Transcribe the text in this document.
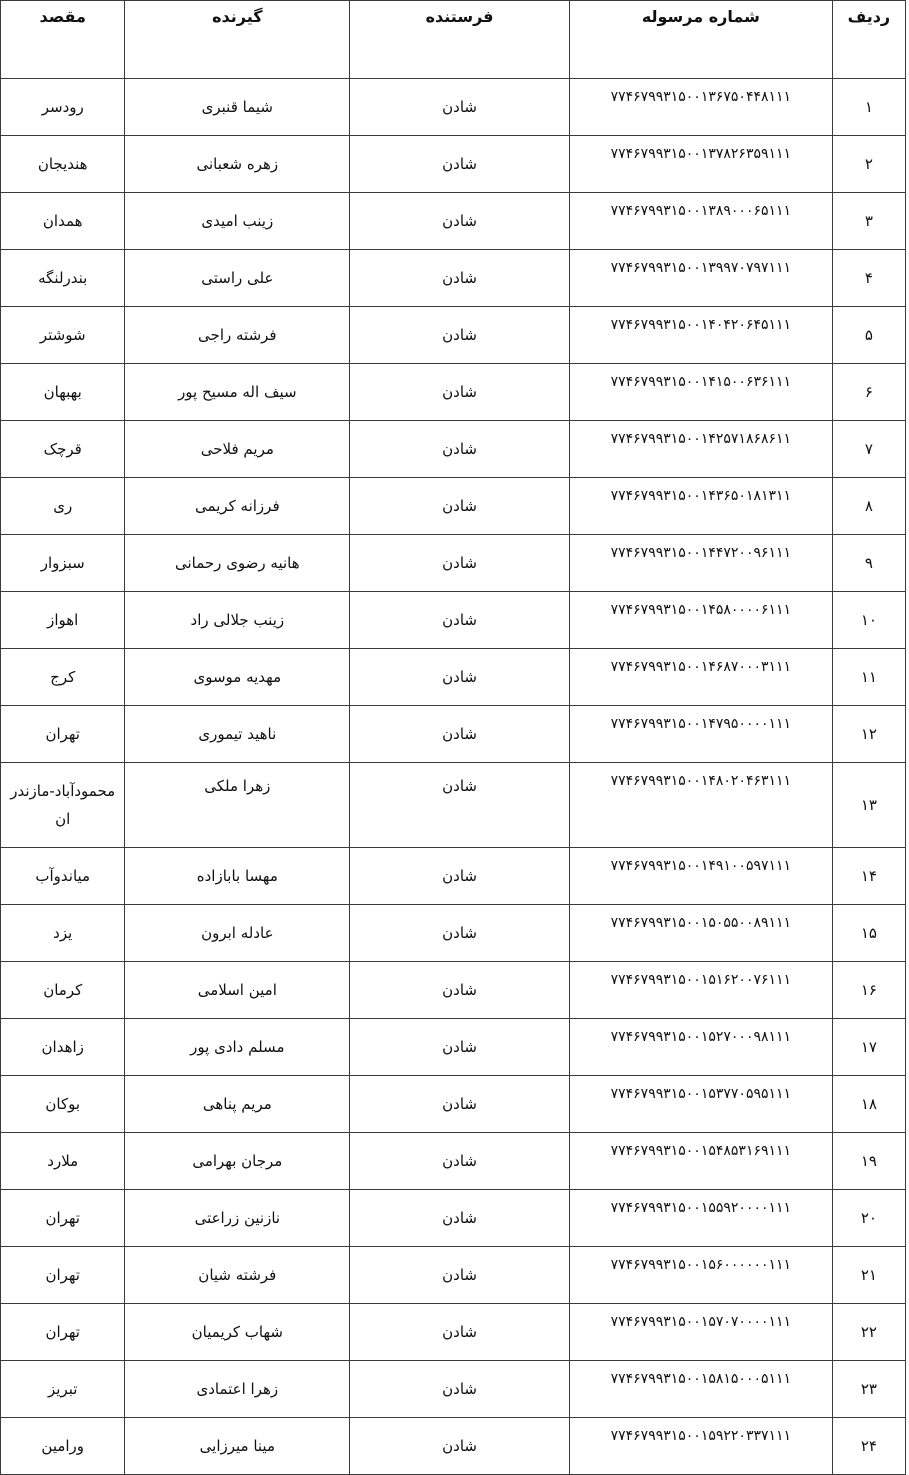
ردیف	شماره مرسوله	فرستنده	گیرنده	مقصد
۱	۷۷۴۶۷۹۹۳۱۵۰۰۱۳۶۷۵۰۴۴۸۱۱۱	شادن	شیما قنبری	رودسر
۲	۷۷۴۶۷۹۹۳۱۵۰۰۱۳۷۸۲۶۳۵۹۱۱۱	شادن	زهره شعبانی	هندیجان
۳	۷۷۴۶۷۹۹۳۱۵۰۰۱۳۸۹۰۰۰۶۵۱۱۱	شادن	زینب امیدی	همدان
۴	۷۷۴۶۷۹۹۳۱۵۰۰۱۳۹۹۷۰۷۹۷۱۱۱	شادن	علی راستی	بندرلنگه
۵	۷۷۴۶۷۹۹۳۱۵۰۰۱۴۰۴۲۰۶۴۵۱۱۱	شادن	فرشته راجی	شوشتر
۶	۷۷۴۶۷۹۹۳۱۵۰۰۱۴۱۵۰۰۶۳۶۱۱۱	شادن	سیف اله مسیح پور	بهبهان
۷	۷۷۴۶۷۹۹۳۱۵۰۰۱۴۲۵۷۱۸۶۸۶۱۱	شادن	مریم فلاحی	قرچک
۸	۷۷۴۶۷۹۹۳۱۵۰۰۱۴۳۶۵۰۱۸۱۳۱۱	شادن	فرزانه کریمی	ری
۹	۷۷۴۶۷۹۹۳۱۵۰۰۱۴۴۷۲۰۰۹۶۱۱۱	شادن	هانیه رضوی رحمانی	سبزوار
۱۰	۷۷۴۶۷۹۹۳۱۵۰۰۱۴۵۸۰۰۰۰۶۱۱۱	شادن	زینب جلالی راد	اهواز
۱۱	۷۷۴۶۷۹۹۳۱۵۰۰۱۴۶۸۷۰۰۰۳۱۱۱	شادن	مهدیه موسوی	کرج
۱۲	۷۷۴۶۷۹۹۳۱۵۰۰۱۴۷۹۵۰۰۰۰۱۱۱	شادن	ناهید تیموری	تهران
۱۳	۷۷۴۶۷۹۹۳۱۵۰۰۱۴۸۰۲۰۴۶۳۱۱۱	شادن	زهرا ملکی	محمودآباد-مازندر ان
۱۴	۷۷۴۶۷۹۹۳۱۵۰۰۱۴۹۱۰۰۵۹۷۱۱۱	شادن	مهسا بابازاده	میاندوآب
۱۵	۷۷۴۶۷۹۹۳۱۵۰۰۱۵۰۵۵۰۰۸۹۱۱۱	شادن	عادله ابرون	یزد
۱۶	۷۷۴۶۷۹۹۳۱۵۰۰۱۵۱۶۲۰۰۷۶۱۱۱	شادن	امین اسلامی	کرمان
۱۷	۷۷۴۶۷۹۹۳۱۵۰۰۱۵۲۷۰۰۰۹۸۱۱۱	شادن	مسلم دادی پور	زاهدان
۱۸	۷۷۴۶۷۹۹۳۱۵۰۰۱۵۳۷۷۰۵۹۵۱۱۱	شادن	مریم پناهی	بوکان
۱۹	۷۷۴۶۷۹۹۳۱۵۰۰۱۵۴۸۵۳۱۶۹۱۱۱	شادن	مرجان بهرامی	ملارد
۲۰	۷۷۴۶۷۹۹۳۱۵۰۰۱۵۵۹۲۰۰۰۰۱۱۱	شادن	نازنین زراعتی	تهران
۲۱	۷۷۴۶۷۹۹۳۱۵۰۰۱۵۶۰۰۰۰۰۰۱۱۱	شادن	فرشته شیان	تهران
۲۲	۷۷۴۶۷۹۹۳۱۵۰۰۱۵۷۰۷۰۰۰۰۱۱۱	شادن	شهاب کریمیان	تهران
۲۳	۷۷۴۶۷۹۹۳۱۵۰۰۱۵۸۱۵۰۰۰۵۱۱۱	شادن	زهرا اعتمادی	تبریز
۲۴	۷۷۴۶۷۹۹۳۱۵۰۰۱۵۹۲۲۰۳۳۷۱۱۱	شادن	مینا میرزایی	ورامین
